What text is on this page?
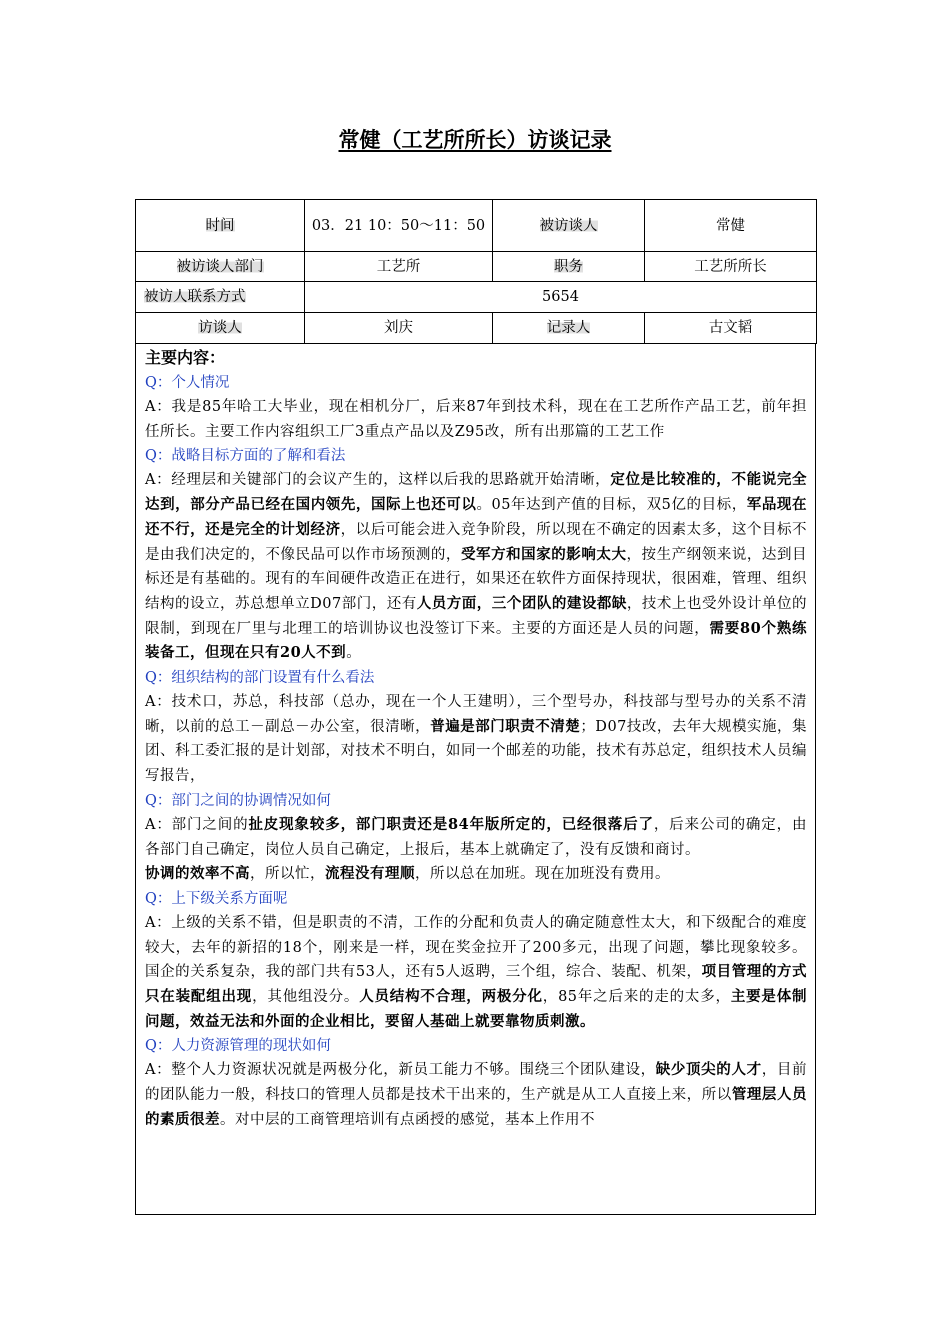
常健（工艺所所长）访谈记录
时间	03．21 10：50～11：50	被访谈人	常健
被访谈人部门	工艺所	职务	工艺所所长
被访人联系方式	5654		
访谈人	刘庆	记录人	古文韬
主要内容：
Q：个人情况

A：我是85年哈工大毕业，现在相机分厂，后来87年到技术科，现在在工艺所作产品工艺，前年担任所长。主要工作内容组织工厂3重点产品以及Z95改，所有出那篇的工艺工作

Q：战略目标方面的了解和看法

A：经理层和关键部门的会议产生的，这样以后我的思路就开始清晰，定位是比较准的，不能说完全达到，部分产品已经在国内领先，国际上也还可以。05年达到产值的目标，双5亿的目标，军品现在还不行，还是完全的计划经济，以后可能会进入竞争阶段，所以现在不确定的因素太多，这个目标不是由我们决定的，不像民品可以作市场预测的，受军方和国家的影响太大，按生产纲领来说，达到目标还是有基础的。现有的车间硬件改造正在进行，如果还在软件方面保持现状，很困难，管理、组织结构的设立，苏总想单立D07部门，还有人员方面，三个团队的建设都缺，技术上也受外设计单位的限制，到现在厂里与北理工的培训协议也没签订下来。主要的方面还是人员的问题，需要80个熟练装备工，但现在只有20人不到。

Q：组织结构的部门设置有什么看法

A：技术口，苏总，科技部（总办，现在一个人王建明），三个型号办，科技部与型号办的关系不清晰，以前的总工－副总－办公室，很清晰，普遍是部门职责不清楚；D07技改，去年大规模实施，集团、科工委汇报的是计划部，对技术不明白，如同一个邮差的功能，技术有苏总定，组织技术人员编写报告，

Q：部门之间的协调情况如何

A：部门之间的扯皮现象较多，部门职责还是84年版所定的，已经很落后了，后来公司的确定，由各部门自己确定，岗位人员自己确定，上报后，基本上就确定了，没有反馈和商讨。

协调的效率不高，所以忙，流程没有理顺，所以总在加班。现在加班没有费用。

Q：上下级关系方面呢

A：上级的关系不错，但是职责的不清，工作的分配和负责人的确定随意性太大，和下级配合的难度较大，去年的新招的18个，刚来是一样，现在奖金拉开了200多元，出现了问题，攀比现象较多。国企的关系复杂，我的部门共有53人，还有5人返聘，三个组，综合、装配、机架，项目管理的方式只在装配组出现，其他组没分。人员结构不合理，两极分化，85年之后来的走的太多，主要是体制问题，效益无法和外面的企业相比，要留人基础上就要靠物质刺激。

Q：人力资源管理的现状如何

A：整个人力资源状况就是两极分化，新员工能力不够。围绕三个团队建设，缺少顶尖的人才，目前的团队能力一般，科技口的管理人员都是技术干出来的，生产就是从工人直接上来，所以管理层人员的素质很差。对中层的工商管理培训有点函授的感觉，基本上作用不
